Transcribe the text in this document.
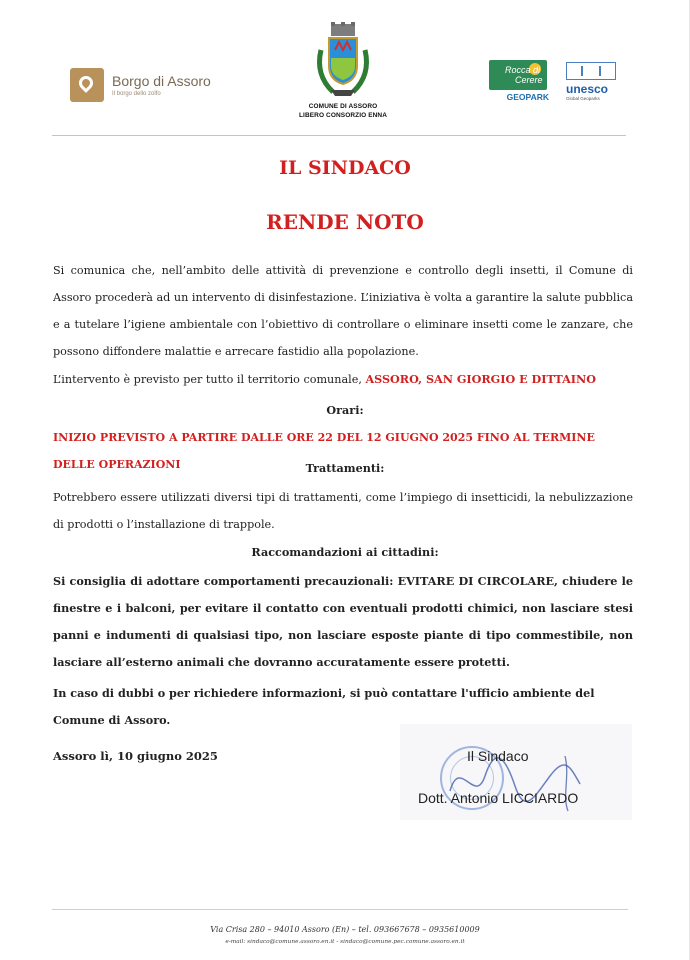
Borgo di Assoro
Il borgo dello zolfo
COMUNE DI ASSORO
LIBERO CONSORZIO ENNA
Rocca di
Cerere
GEOPARK
unesco
Global Geoparks
IL SINDACO
RENDE NOTO
Si comunica che, nell’ambito delle attività di prevenzione e controllo degli insetti, il Comune di Assoro procederà ad un intervento di disinfestazione. L’iniziativa è volta a garantire la salute pubblica e a tutelare l’igiene ambientale con l’obiettivo di controllare o eliminare insetti come le zanzare, che possono diffondere malattie e arrecare fastidio alla popolazione.
L’intervento è previsto per tutto il territorio comunale, ASSORO, SAN GIORGIO E DITTAINO
Orari:
INIZIO PREVISTO A PARTIRE DALLE ORE 22 DEL 12 GIUGNO 2025 FINO AL TERMINE DELLE OPERAZIONI	Trattamenti:
Potrebbero essere utilizzati diversi tipi di trattamenti, come l’impiego di insetticidi, la nebulizzazione di prodotti o l’installazione di trappole.
Raccomandazioni ai cittadini:
Si consiglia di adottare comportamenti precauzionali: EVITARE DI CIRCOLARE, chiudere le finestre e i balconi, per evitare il contatto con eventuali prodotti chimici, non lasciare stesi panni e indumenti di qualsiasi tipo, non lasciare esposte piante di tipo commestibile, non lasciare all’esterno animali che dovranno accuratamente essere protetti.
In caso di dubbi o per richiedere informazioni, si può contattare l'ufficio ambiente del Comune di Assoro.
Assoro lì, 10 giugno 2025	Il Sindaco
Dott. Antonio LICCIARDO
Via Crisa 280 – 94010 Assoro (En) – tel. 093667678 – 0935610009
e-mail: sindaco@comune.assoro.en.it - sindaco@comune.pec.comune.assoro.en.it
